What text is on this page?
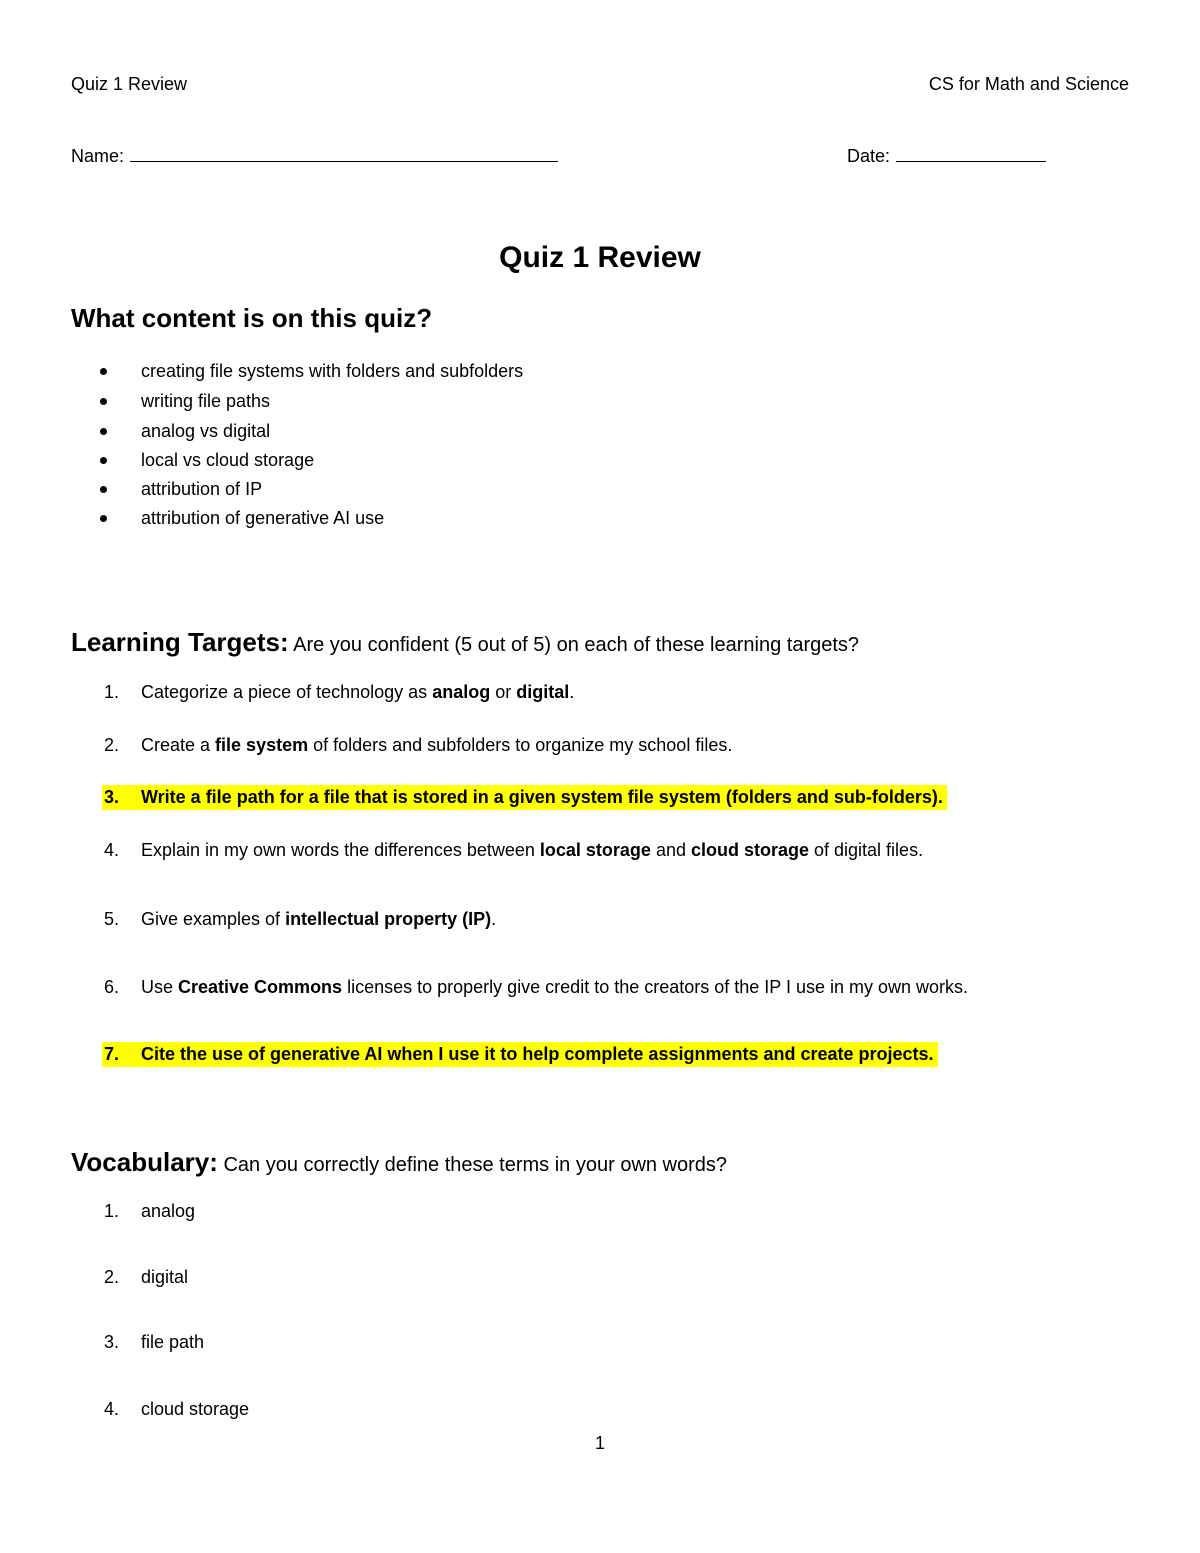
Quiz 1 Review	CS for Math and Science
Name:	Date:
Quiz 1 Review
What content is on this quiz?
creating file systems with folders and subfolders
writing file paths
analog vs digital
local vs cloud storage
attribution of IP
attribution of generative AI use
Learning Targets: Are you confident (5 out of 5) on each of these learning targets?
1. Categorize a piece of technology as analog or digital.
2. Create a file system of folders and subfolders to organize my school files.
3. Write a file path for a file that is stored in a given system file system (folders and sub-folders).
4. Explain in my own words the differences between local storage and cloud storage of digital files.
5. Give examples of intellectual property (IP).
6. Use Creative Commons licenses to properly give credit to the creators of the IP I use in my own works.
7. Cite the use of generative AI when I use it to help complete assignments and create projects.
Vocabulary: Can you correctly define these terms in your own words?
1. analog
2. digital
3. file path
4. cloud storage
1
